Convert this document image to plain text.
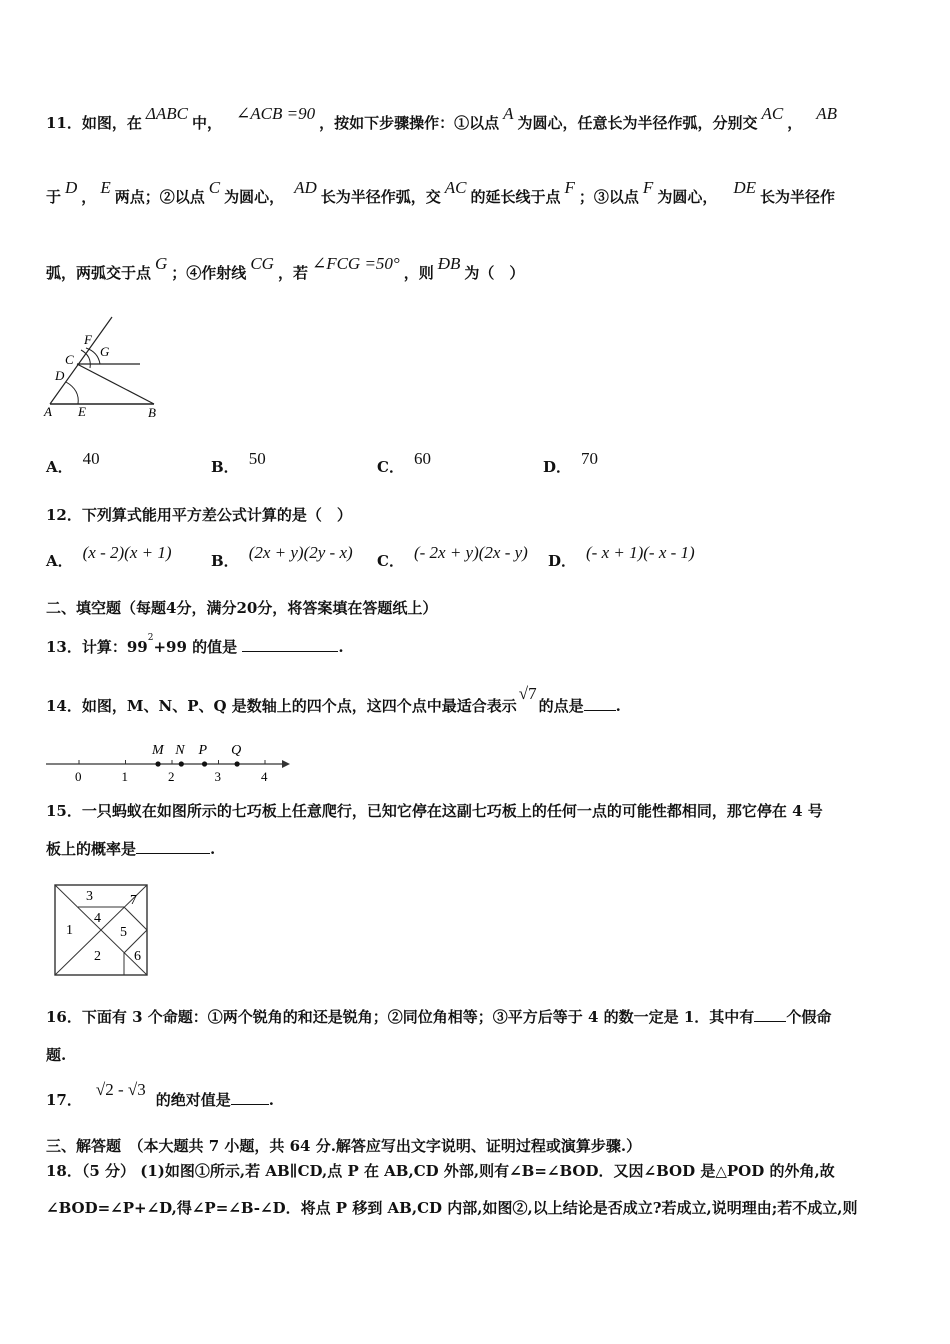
11．如图，在 ΔABC 中， ∠ACB =90 ，按如下步骤操作：①以点 A 为圆心，任意长为半径作弧，分别交 AC ， AB
于 D ， E 两点；②以点 C 为圆心， AD 长为半径作弧，交 AC 的延长线于点 F ；③以点 F 为圆心， DE 长为半径作
弧，两弧交于点 G ；④作射线 CG ，若 ∠FCG =50° ，则 ÐB 为（　）
F
G
C
D
A E	B
A． 40	B． 50	C． 60	D． 70
12．下列算式能用平方差公式计算的是（　）
A． (x - 2)(x + 1)	B． (2x + y)(2y - x) C． (- 2x + y)(2x - y) D． (- x + 1)(- x - 1)
二、填空题（每题4分，满分20分，将答案填在答题纸上）
13．计算：$99^2+99$ 的值是	.
14．如图，M、N、P、Q 是数轴上的四个点，这四个点中最适合表示√7的点是 .
0	1	2	3	4
M N P Q
15．一只蚂蚁在如图所示的七巧板上任意爬行，已知它停在这副七巧板上的任何一点的可能性都相同，那它停在 4 号
板上的概率是	.
3	7
4
1	5
2 6
16．下面有 3 个命题：①两个锐角的和还是锐角；②同位角相等；③平方后等于 4 的数一定是 1．其中有 个假命
题.
17．√2 - √3的绝对值是	.
三、解答题　（本大题共 7 小题，共 64 分.解答应写出文字说明、证明过程或演算步骤.）
18．（5 分） (1)如图①所示,若 AB∥CD,点 P 在 AB,CD 外部,则有∠B=∠BOD．又因∠BOD 是△POD 的外角,故
∠BOD=∠P+∠D,得∠P=∠B-∠D．将点 P 移到 AB,CD 内部,如图②,以上结论是否成立?若成立,说明理由;若不成立,则
